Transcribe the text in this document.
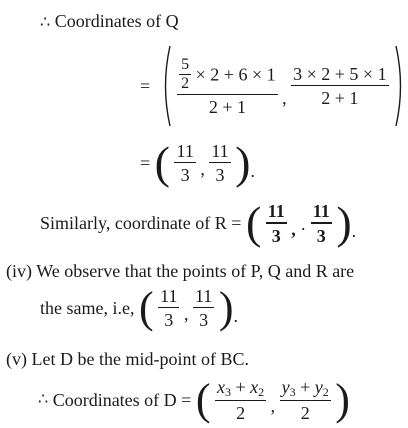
∴ Coordinates of Q
= $\frac{\frac{5}{2} \times 2 + 6 \times 1}{2 + 1}$ , $\frac{3 \times 2 + 5 \times 1}{2 + 1}$

= ( $\frac{11}{3}$ , $\frac{11}{3}$ ).
Similarly, coordinate of R = ( $\frac{11}{3}$ , · $\frac{11}{3}$ ).
(iv) We observe that the points of P, Q and R are
the same, i.e, ( $\frac{11}{3}$ , $\frac{11}{3}$ ).
(v) Let D be the mid-point of BC.
∴ Coordinates of D = ( $\frac{x_3 + x_2}{2}$ , $\frac{y_3 + y_2}{2}$ )
